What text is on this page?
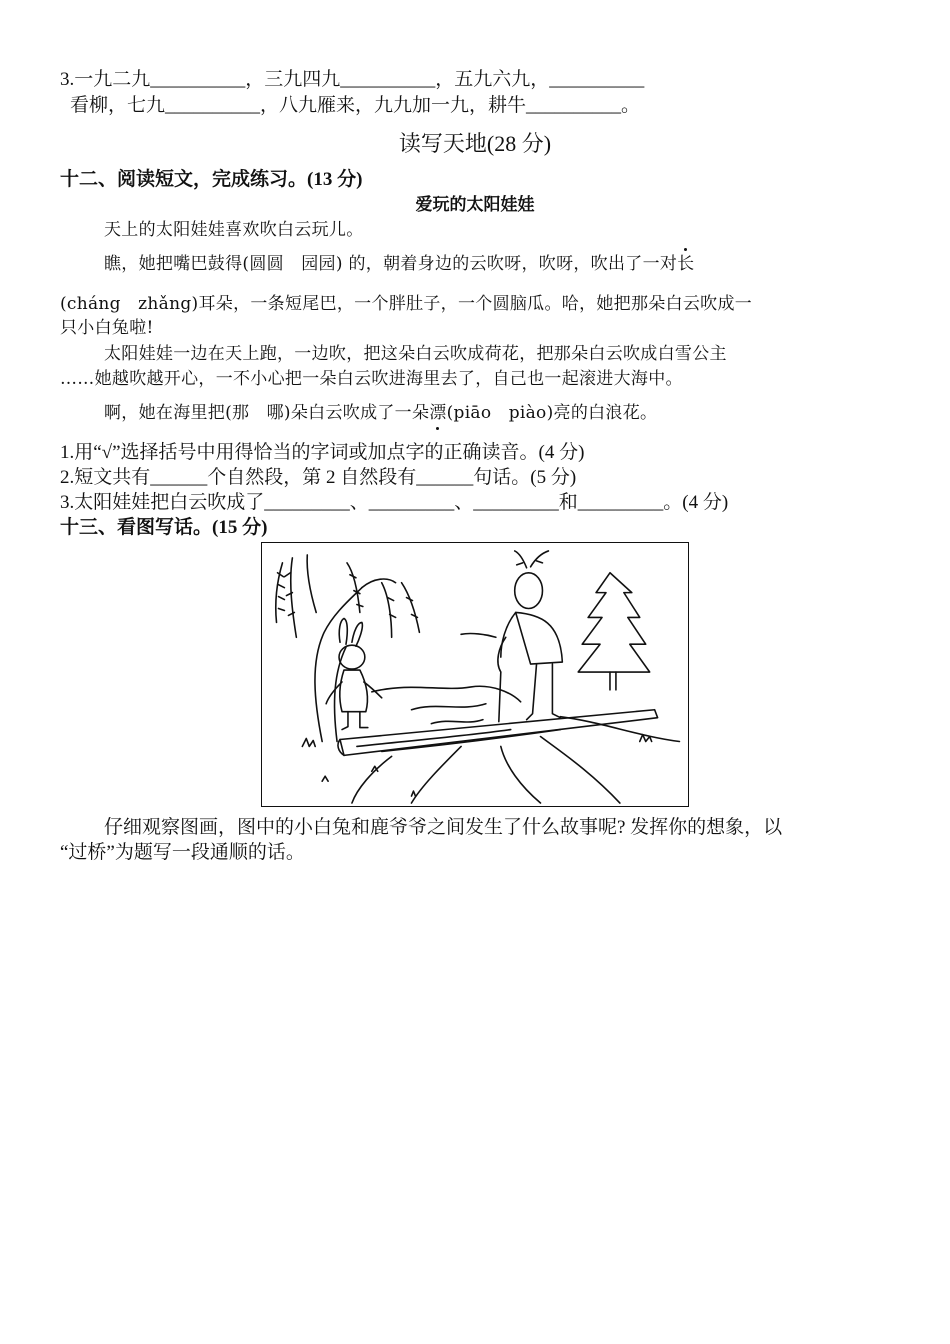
3.一九二九__________，三九四九__________，五九六九，__________
看柳，七九__________，八九雁来，九九加一九，耕牛__________。
读写天地(28 分)
十二、阅读短文，完成练习。(13 分)
爱玩的太阳娃娃
天上的太阳娃娃喜欢吹白云玩儿。
瞧，她把嘴巴鼓得(圆圆　园园) 的，朝着身边的云吹呀，吹呀，吹出了一对长
(cháng　zhǎng)耳朵，一条短尾巴，一个胖肚子，一个圆脑瓜。哈，她把那朵白云吹成一
只小白兔啦!
太阳娃娃一边在天上跑，一边吹，把这朵白云吹成荷花，把那朵白云吹成白雪公主
……她越吹越开心，一不小心把一朵白云吹进海里去了，自己也一起滚进大海中。
啊，她在海里把(那　哪)朵白云吹成了一朵漂(piāo　piào)亮的白浪花。
1.用“√”选择括号中用得恰当的字词或加点字的正确读音。(4 分)
2.短文共有______个自然段，第 2 自然段有______句话。(5 分)
3.太阳娃娃把白云吹成了_________、_________、_________和_________。(4 分)
十三、看图写话。(15 分)
仔细观察图画，图中的小白兔和鹿爷爷之间发生了什么故事呢? 发挥你的想象，以
“过桥”为题写一段通顺的话。
